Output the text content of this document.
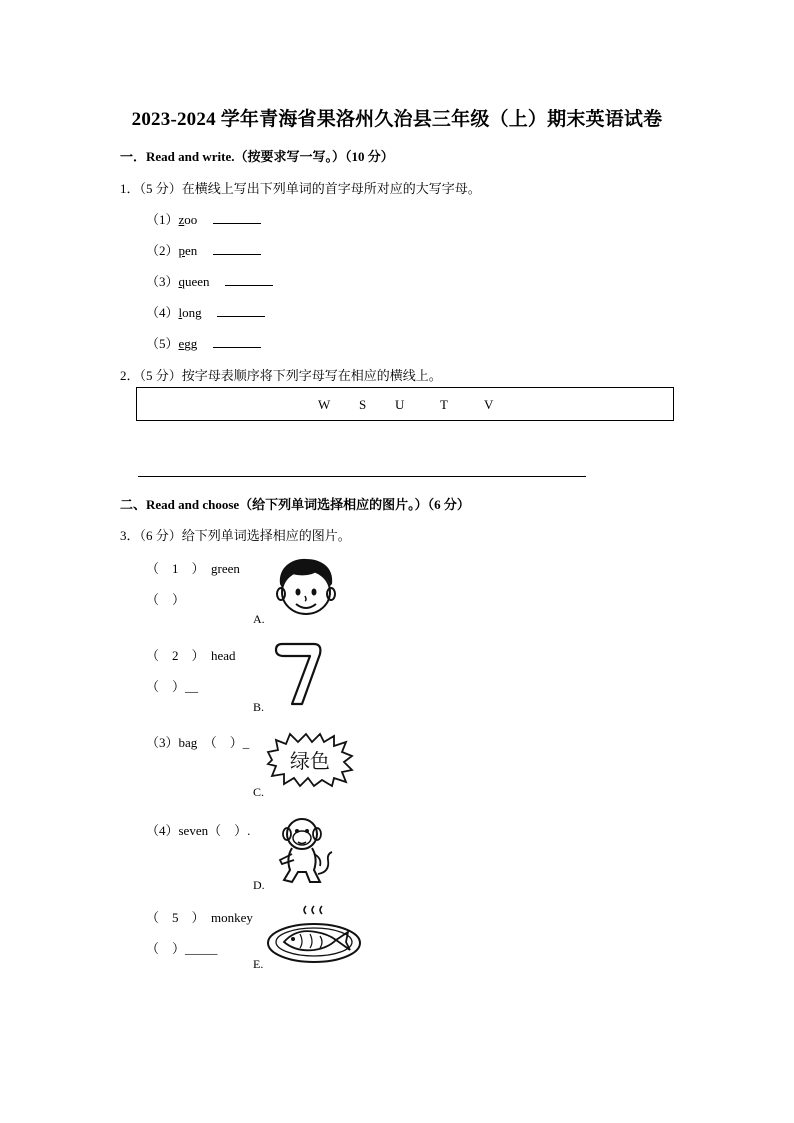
2023-2024 学年青海省果洛州久治县三年级（上）期末英语试卷
一．Read and write.（按要求写一写。）（10 分）
1．（5 分）在横线上写出下列单词的首字母所对应的大写字母。
（1）zoo
（2）pen
（3）queen
（4）long
（5）egg
2．（5 分）按字母表顺序将下列字母写在相应的横线上。
W S U	T	V
二、Read and choose（给下列单词选择相应的图片。）（6 分）
3．（6 分）给下列单词选择相应的图片。
（　1　）　green
（　）
（　2　）　head
（　）__
（3）bag　（　）_
（4）seven（　）.
（　5　）　monkey
（　）_____
A.
B.
绿色
C.
D.
E.
